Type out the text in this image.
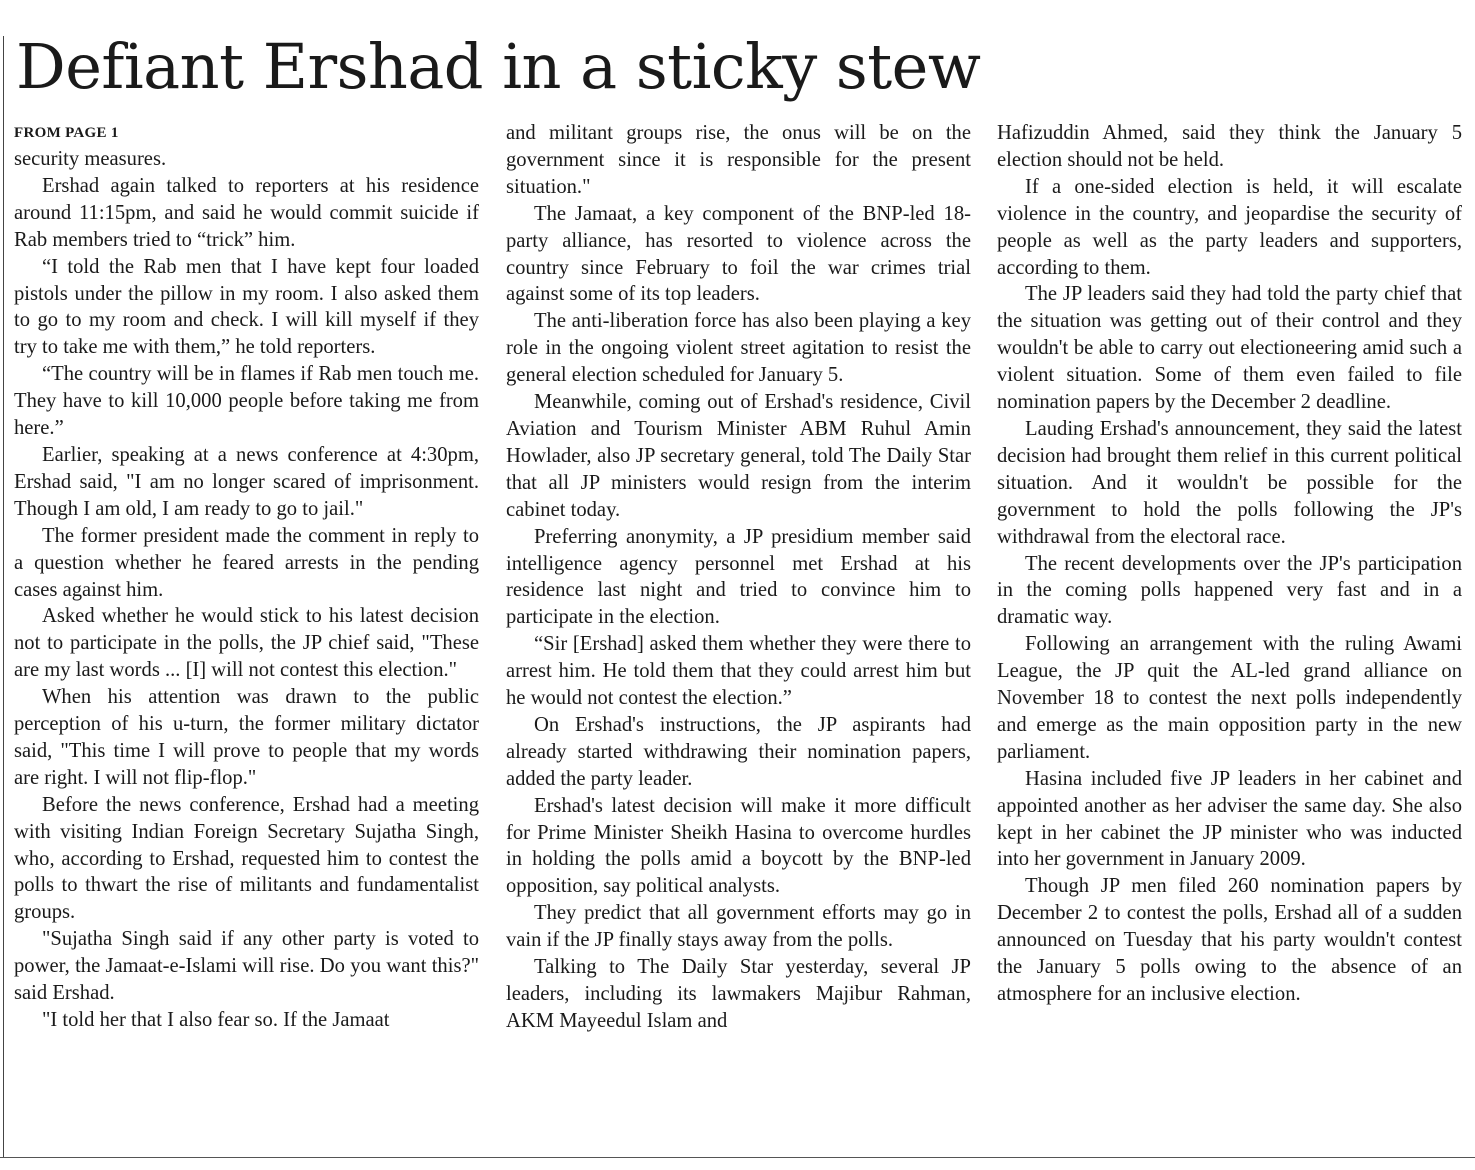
Defiant Ershad in a sticky stew
FROM PAGE 1

security measures.

Ershad again talked to reporters at his residence around 11:15pm, and said he would commit suicide if Rab members tried to “trick” him.

“I told the Rab men that I have kept four loaded pistols under the pillow in my room. I also asked them to go to my room and check. I will kill myself if they try to take me with them,” he told reporters.

“The country will be in flames if Rab men touch me. They have to kill 10,000 people before taking me from here.”

Earlier, speaking at a news conference at 4:30pm, Ershad said, "I am no longer scared of imprisonment. Though I am old, I am ready to go to jail."

The former president made the comment in reply to a question whether he feared arrests in the pending cases against him.

Asked whether he would stick to his latest decision not to participate in the polls, the JP chief said, "These are my last words ... [I] will not contest this election."

When his attention was drawn to the public perception of his u-turn, the former military dictator said, "This time I will prove to people that my words are right. I will not flip-flop."

Before the news conference, Ershad had a meeting with visiting Indian Foreign Secretary Sujatha Singh, who, according to Ershad, requested him to contest the polls to thwart the rise of militants and fundamentalist groups.

"Sujatha Singh said if any other party is voted to power, the Jamaat-e-Islami will rise. Do you want this?" said Ershad.

"I told her that I also fear so. If the Jamaat

and militant groups rise, the onus will be on the government since it is responsible for the present situation."

The Jamaat, a key component of the BNP-led 18-party alliance, has resorted to violence across the country since February to foil the war crimes trial against some of its top leaders.

The anti-liberation force has also been playing a key role in the ongoing violent street agitation to resist the general election scheduled for January 5.

Meanwhile, coming out of Ershad's residence, Civil Aviation and Tourism Minister ABM Ruhul Amin Howlader, also JP secretary general, told The Daily Star that all JP ministers would resign from the interim cabinet today.

Preferring anonymity, a JP presidium member said intelligence agency personnel met Ershad at his residence last night and tried to convince him to participate in the election.

“Sir [Ershad] asked them whether they were there to arrest him. He told them that they could arrest him but he would not contest the election.”

On Ershad's instructions, the JP aspirants had already started withdrawing their nomination papers, added the party leader.

Ershad's latest decision will make it more difficult for Prime Minister Sheikh Hasina to overcome hurdles in holding the polls amid a boycott by the BNP-led opposition, say political analysts.

They predict that all government efforts may go in vain if the JP finally stays away from the polls.

Talking to The Daily Star yesterday, several JP leaders, including its lawmakers Majibur Rahman, AKM Mayeedul Islam and

Hafizuddin Ahmed, said they think the January 5 election should not be held.

If a one-sided election is held, it will escalate violence in the country, and jeopardise the security of people as well as the party leaders and supporters, according to them.

The JP leaders said they had told the party chief that the situation was getting out of their control and they wouldn't be able to carry out electioneering amid such a violent situation. Some of them even failed to file nomination papers by the December 2 deadline.

Lauding Ershad's announcement, they said the latest decision had brought them relief in this current political situation. And it wouldn't be possible for the government to hold the polls following the JP's withdrawal from the electoral race.

The recent developments over the JP's participation in the coming polls happened very fast and in a dramatic way.

Following an arrangement with the ruling Awami League, the JP quit the AL-led grand alliance on November 18 to contest the next polls independently and emerge as the main opposition party in the new parliament.

Hasina included five JP leaders in her cabinet and appointed another as her adviser the same day. She also kept in her cabinet the JP minister who was inducted into her government in January 2009.

Though JP men filed 260 nomination papers by December 2 to contest the polls, Ershad all of a sudden announced on Tuesday that his party wouldn't contest the January 5 polls owing to the absence of an atmosphere for an inclusive election.
